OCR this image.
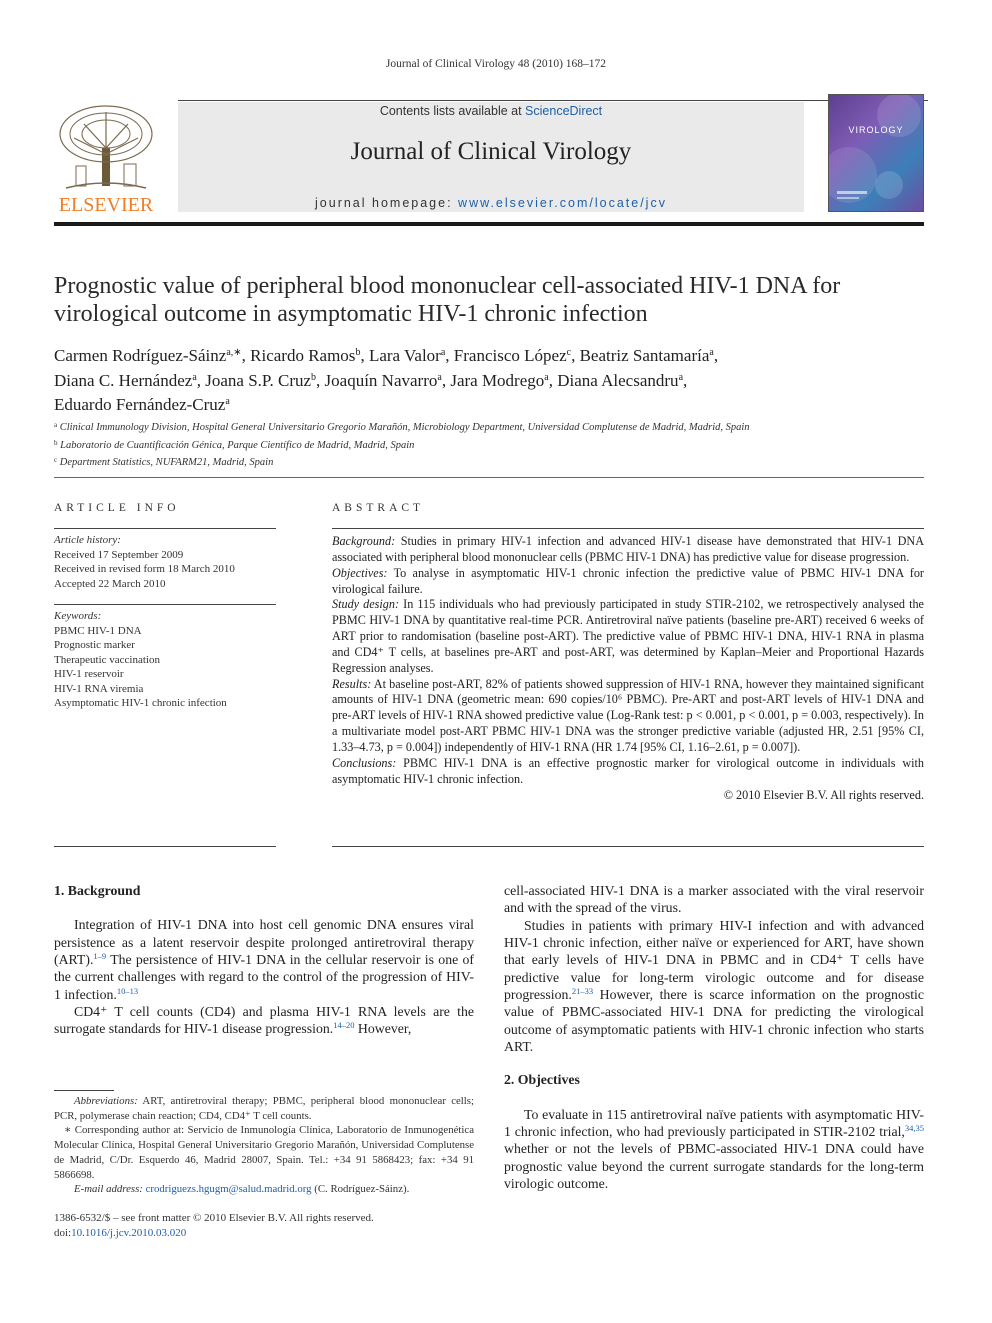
Journal of Clinical Virology 48 (2010) 168–172
ELSEVIER
Contents lists available at ScienceDirect
Journal of Clinical Virology
journal homepage: www.elsevier.com/locate/jcv
VIROLOGY
Prognostic value of peripheral blood mononuclear cell-associated HIV-1 DNA for virological outcome in asymptomatic HIV-1 chronic infection
Carmen Rodríguez-Sáinz$^{a,∗}$, Ricardo Ramos$^b$, Lara Valor$^a$, Francisco López$^c$, Beatriz Santamaría$^a$,
Diana C. Hernández$^a$, Joana S.P. Cruz$^b$, Joaquín Navarro$^a$, Jara Modrego$^a$, Diana Alecsandru$^a$,
Eduardo Fernández-Cruz$^a$
$^a$ Clinical Immunology Division, Hospital General Universitario Gregorio Marañón, Microbiology Department, Universidad Complutense de Madrid, Madrid, Spain
$^b$ Laboratorio de Cuantificación Génica, Parque Científico de Madrid, Madrid, Spain
$^c$ Department Statistics, NUFARM21, Madrid, Spain
ARTICLE INFO
Article history:
Received 17 September 2009
Received in revised form 18 March 2010
Accepted 22 March 2010
Keywords:
PBMC HIV-1 DNA
Prognostic marker
Therapeutic vaccination
HIV-1 reservoir
HIV-1 RNA viremia
Asymptomatic HIV-1 chronic infection
ABSTRACT

Background: Studies in primary HIV-1 infection and advanced HIV-1 disease have demonstrated that HIV-1 DNA associated with peripheral blood mononuclear cells (PBMC HIV-1 DNA) has predictive value for disease progression.

Objectives: To analyse in asymptomatic HIV-1 chronic infection the predictive value of PBMC HIV-1 DNA for virological failure.

Study design: In 115 individuals who had previously participated in study STIR-2102, we retrospectively analysed the PBMC HIV-1 DNA by quantitative real-time PCR. Antiretroviral naïve patients (baseline pre-ART) received 6 weeks of ART prior to randomisation (baseline post-ART). The predictive value of PBMC HIV-1 DNA, HIV-1 RNA in plasma and CD4⁺ T cells, at baselines pre-ART and post-ART, was determined by Kaplan–Meier and Proportional Hazards Regression analyses.

Results: At baseline post-ART, 82% of patients showed suppression of HIV-1 RNA, however they maintained significant amounts of HIV-1 DNA (geometric mean: 690 copies/10⁶ PBMC). Pre-ART and post-ART levels of HIV-1 DNA and pre-ART levels of HIV-1 RNA showed predictive value (Log-Rank test: p < 0.001, p < 0.001, p = 0.003, respectively). In a multivariate model post-ART PBMC HIV-1 DNA was the stronger predictive variable (adjusted HR, 2.51 [95% CI, 1.33–4.73, p = 0.004]) independently of HIV-1 RNA (HR 1.74 [95% CI, 1.16–2.61, p = 0.007]).

Conclusions: PBMC HIV-1 DNA is an effective prognostic marker for virological outcome in individuals with asymptomatic HIV-1 chronic infection.

© 2010 Elsevier B.V. All rights reserved.

1. Background

Integration of HIV-1 DNA into host cell genomic DNA ensures viral persistence as a latent reservoir despite prolonged antiretroviral therapy (ART).$^{1-9}$ The persistence of HIV-1 DNA in the cellular reservoir is one of the current challenges with regard to the control of the progression of HIV-1 infection.$^{10-13}$

CD4⁺ T cell counts (CD4) and plasma HIV-1 RNA levels are the surrogate standards for HIV-1 disease progression.$^{14-20}$ However,

cell-associated HIV-1 DNA is a marker associated with the viral reservoir and with the spread of the virus.

Studies in patients with primary HIV-I infection and with advanced HIV-1 chronic infection, either naïve or experienced for ART, have shown that early levels of HIV-1 DNA in PBMC and in CD4⁺ T cells have predictive value for long-term virologic outcome and for disease progression.$^{21-33}$ However, there is scarce information on the prognostic value of PBMC-associated HIV-1 DNA for predicting the virological outcome of asymptomatic patients with HIV-1 chronic infection who starts ART.

2. Objectives

To evaluate in 115 antiretroviral naïve patients with asymptomatic HIV-1 chronic infection, who had previously participated in STIR-2102 trial,$^{34,35}$ whether or not the levels of PBMC-associated HIV-1 DNA could have prognostic value beyond the current surrogate standards for the long-term virologic outcome.

Abbreviations: ART, antiretroviral therapy; PBMC, peripheral blood mononuclear cells; PCR, polymerase chain reaction; CD4, CD4⁺ T cell counts.

∗ Corresponding author at: Servicio de Inmunología Clínica, Laboratorio de Inmunogenética Molecular Clínica, Hospital General Universitario Gregorio Marañón, Universidad Complutense de Madrid, C/Dr. Esquerdo 46, Madrid 28007, Spain. Tel.: +34 91 5868423; fax: +34 91 5866698.

E-mail address: crodriguezs.hgugm@salud.madrid.org (C. Rodríguez-Sáinz).

1386-6532/$ – see front matter © 2010 Elsevier B.V. All rights reserved.
doi:10.1016/j.jcv.2010.03.020
